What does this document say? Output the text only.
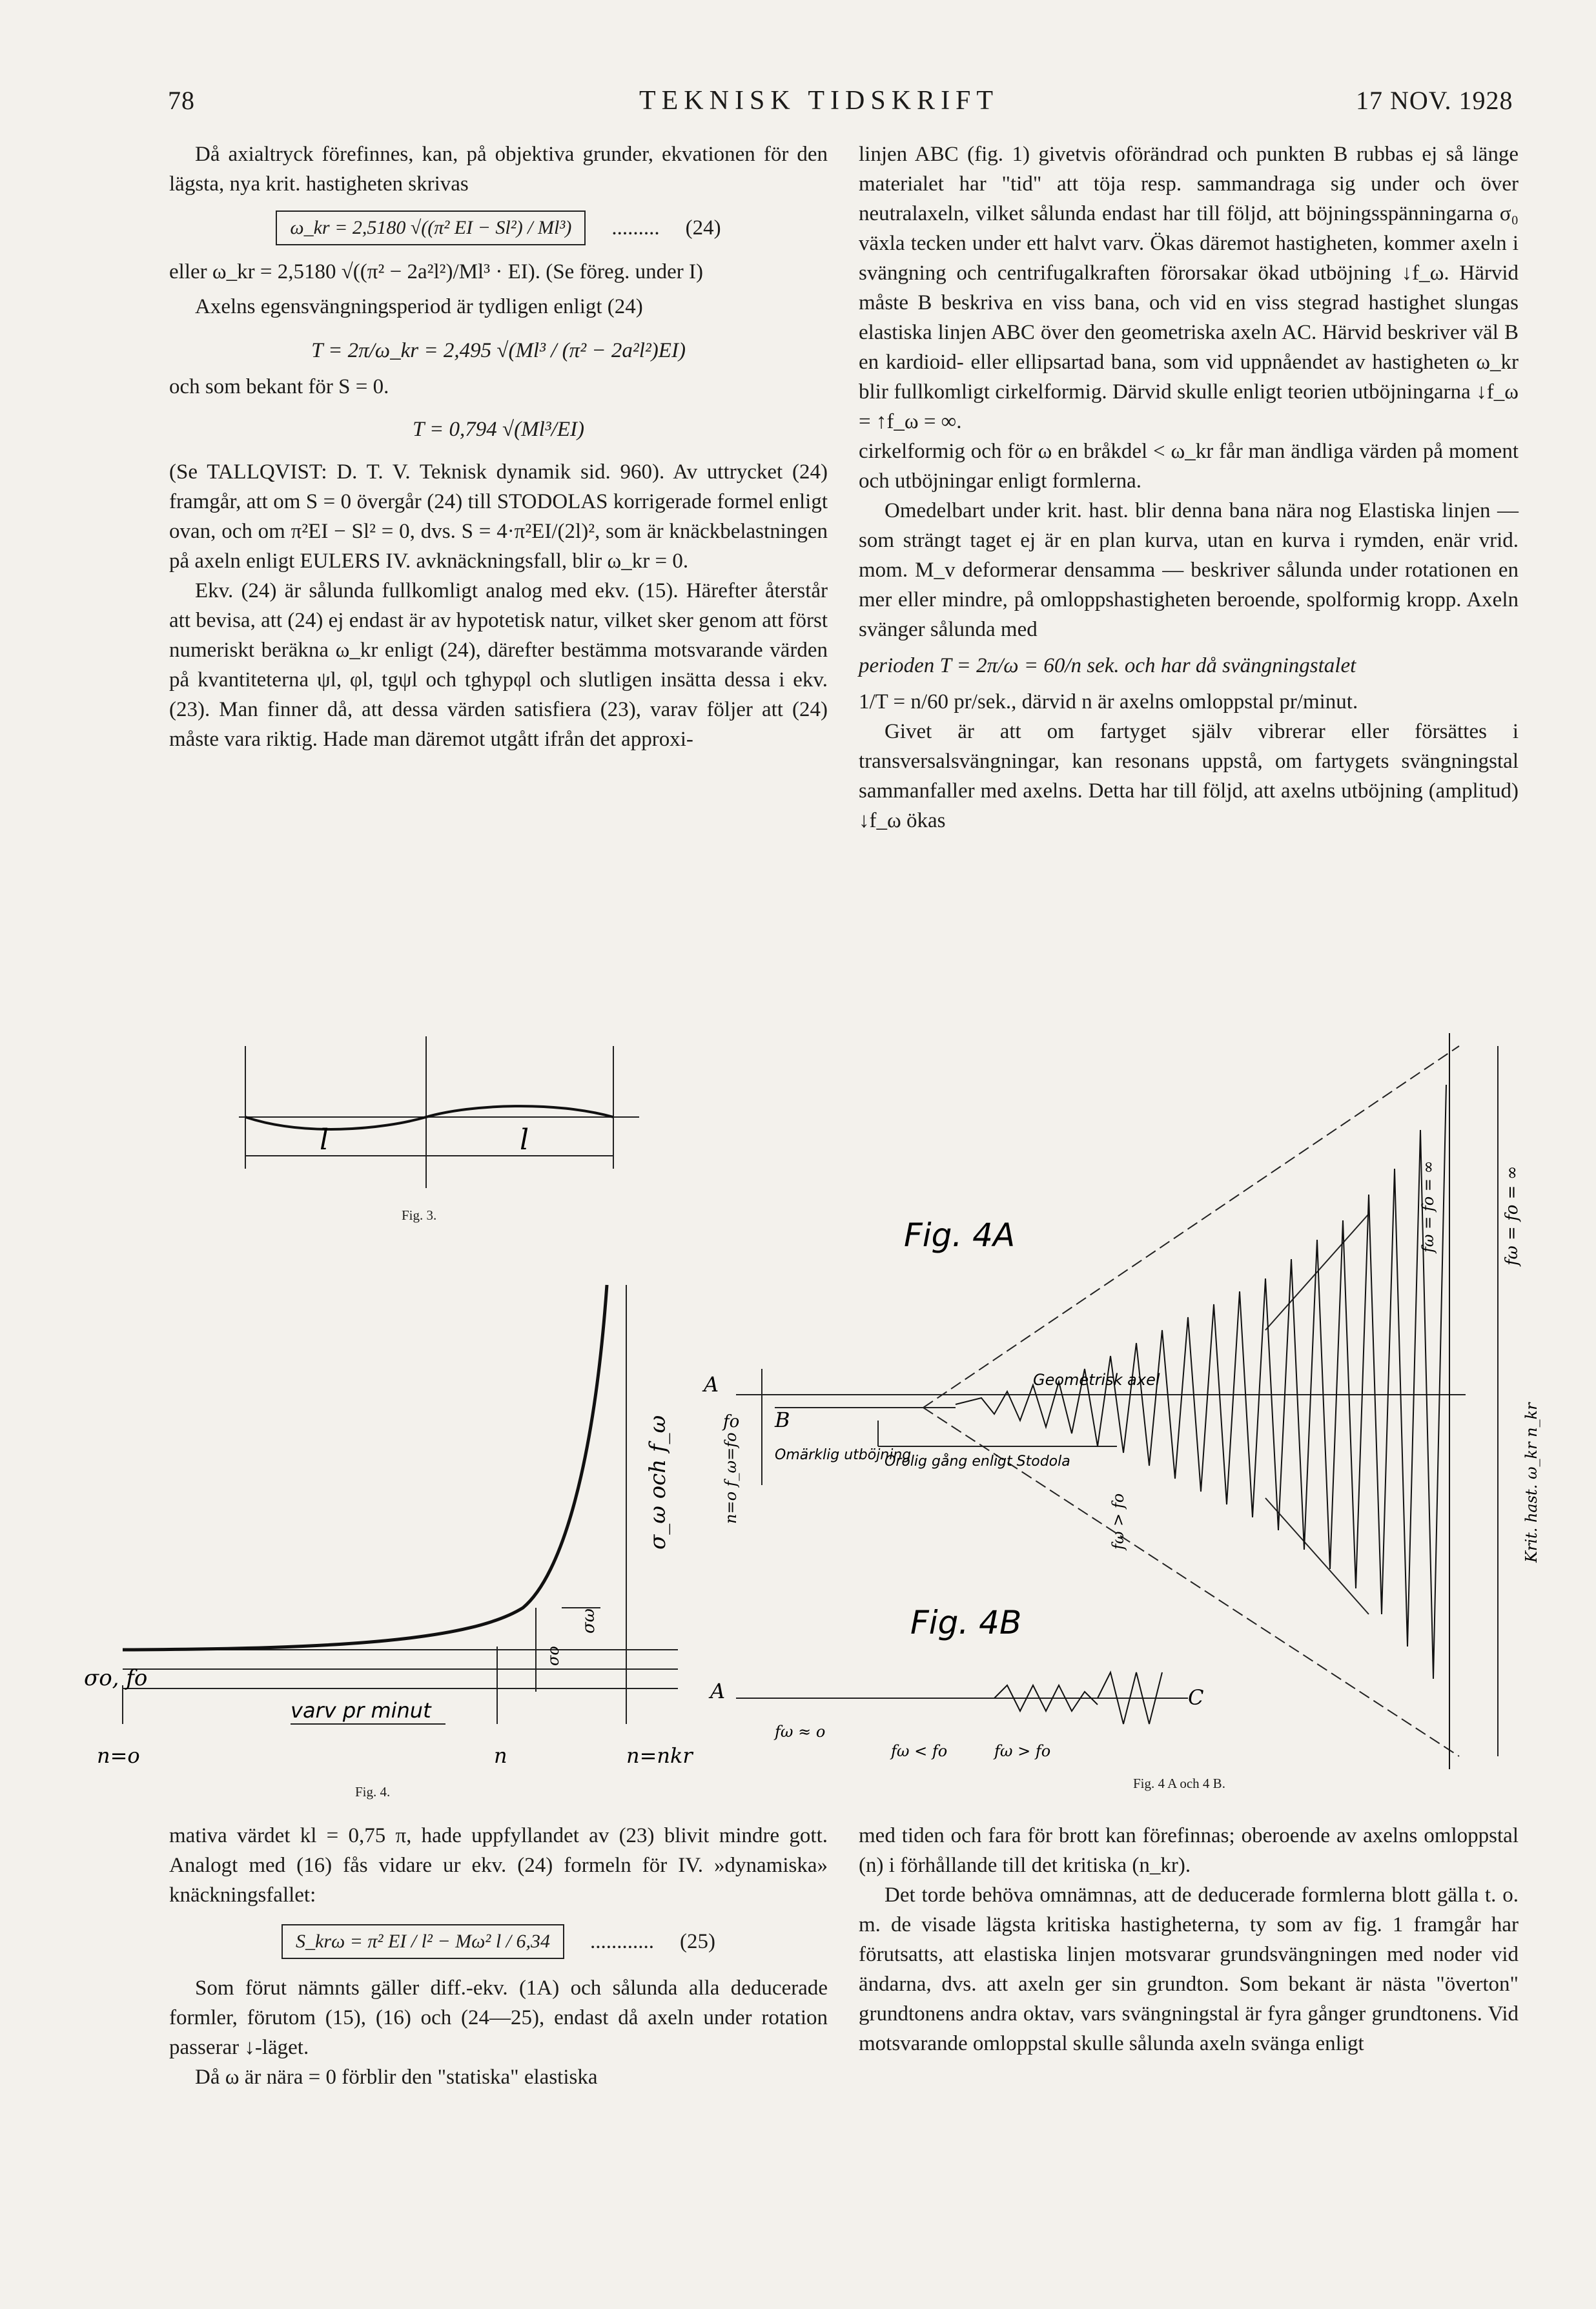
78	TEKNISK TIDSKRIFT	17 NOV. 1928

Då axialtryck förefinnes, kan, på objektiva grunder, ekvationen för den lägsta, nya krit. hastigheten skrivas

ω_kr = 2,5180 √((π² EI − Sl²) / Ml³)	......... (24)

eller ω_kr = 2,5180 √((π² − 2a²l²)/Ml³ · EI). (Se föreg. under I)

Axelns egensvängningsperiod är tydligen enligt (24)

T = 2π/ω_kr = 2,495 √(Ml³ / (π² − 2a²l²)EI)

och som bekant för S = 0.

T = 0,794 √(Ml³/EI)

(Se TALLQVIST: D. T. V. Teknisk dynamik sid. 960). Av uttrycket (24) framgår, att om S = 0 övergår (24) till STODOLAS korrigerade formel enligt ovan, och om π²EI − Sl² = 0, dvs. S = 4·π²EI/(2l)², som är knäckbelastningen på axeln enligt EULERS IV. avknäckningsfall, blir ω_kr = 0.

Ekv. (24) är sålunda fullkomligt analog med ekv. (15). Härefter återstår att bevisa, att (24) ej endast är av hypotetisk natur, vilket sker genom att först numeriskt beräkna ω_kr enligt (24), därefter bestämma motsvarande värden på kvantiteterna ψl, φl, tgψl och tghypφl och slutligen insätta dessa i ekv. (23). Man finner då, att dessa värden satisfiera (23), varav följer att (24) måste vara riktig. Hade man däremot utgått ifrån det approxi-

linjen ABC (fig. 1) givetvis oförändrad och punkten B rubbas ej så länge materialet har "tid" att töja resp. sammandraga sig under och över neutralaxeln, vilket sålunda endast har till följd, att böjningsspänningarna σ₀ växla tecken under ett halvt varv. Ökas däremot hastigheten, kommer axeln i svängning och centrifugalkraften förorsakar ökad utböjning ↓f_ω. Härvid måste B beskriva en viss bana, och vid en viss stegrad hastighet slungas elastiska linjen ABC över den geometriska axeln AC. Härvid beskriver väl B en kardioid- eller ellipsartad bana, som vid uppnåendet av hastigheten ω_kr blir fullkomligt cirkelformig. Därvid skulle enligt teorien utböjningarna ↓f_ω = ↑f_ω = ∞.

cirkelformig och för ω en bråkdel < ω_kr får man ändliga värden på moment och utböjningar enligt formlerna.

Omedelbart under krit. hast. blir denna bana nära nog Elastiska linjen — som strängt taget ej är en plan kurva, utan en kurva i rymden, enär vrid. mom. M_v deformerar densamma — beskriver sålunda under rotationen en mer eller mindre, på omloppshastigheten beroende, spolformig kropp. Axeln svänger sålunda med

perioden T = 2π/ω = 60/n sek. och har då svängningstalet

1/T = n/60 pr/sek., därvid n är axelns omloppstal pr/minut.

Givet är att om fartyget själv vibrerar eller försättes i transversalsvängningar, kan resonans uppstå, om fartygets svängningstal sammanfaller med axelns. Detta har till följd, att axelns utböjning (amplitud) ↓f_ω ökas

l	l
Fig. 3.
σo, fo
varv pr minut
n=o	n	n=nkr
σ_ω och f_ω
σo
σω
Fig. 4.
Fig. 4A
Geometrisk axel
A
B
fo
Omärklig utböjning
Orolig gång enligt Stodola
n=o f_ω=fo	fω > fo
fω = fo = ∞	fω = fo = ∞
Krit. hast. ω_kr n_kr
Fig. 4B
A	C
fω ≈ o
fω < fo	fω > fo
Fig. 4 A och 4 B.

mativa värdet kl = 0,75 π, hade uppfyllandet av (23) blivit mindre gott. Analogt med (16) fås vidare ur ekv. (24) formeln för IV. »dynamiska» knäckningsfallet:

S_krω = π² EI / l² − Mω² l / 6,34	............ (25)

Som förut nämnts gäller diff.-ekv. (1A) och sålunda alla deducerade formler, förutom (15), (16) och (24—25), endast då axeln under rotation passerar ↓-läget.

Då ω är nära = 0 förblir den "statiska" elastiska

med tiden och fara för brott kan förefinnas; oberoende av axelns omloppstal (n) i förhållande till det kritiska (n_kr).

Det torde behöva omnämnas, att de deducerade formlerna blott gälla t. o. m. de visade lägsta kritiska hastigheterna, ty som av fig. 1 framgår har förutsatts, att elastiska linjen motsvarar grundsvängningen med noder vid ändarna, dvs. att axeln ger sin grundton. Som bekant är nästa "överton" grundtonens andra oktav, vars svängningstal är fyra gånger grundtonens. Vid motsvarande omloppstal skulle sålunda axeln svänga enligt
